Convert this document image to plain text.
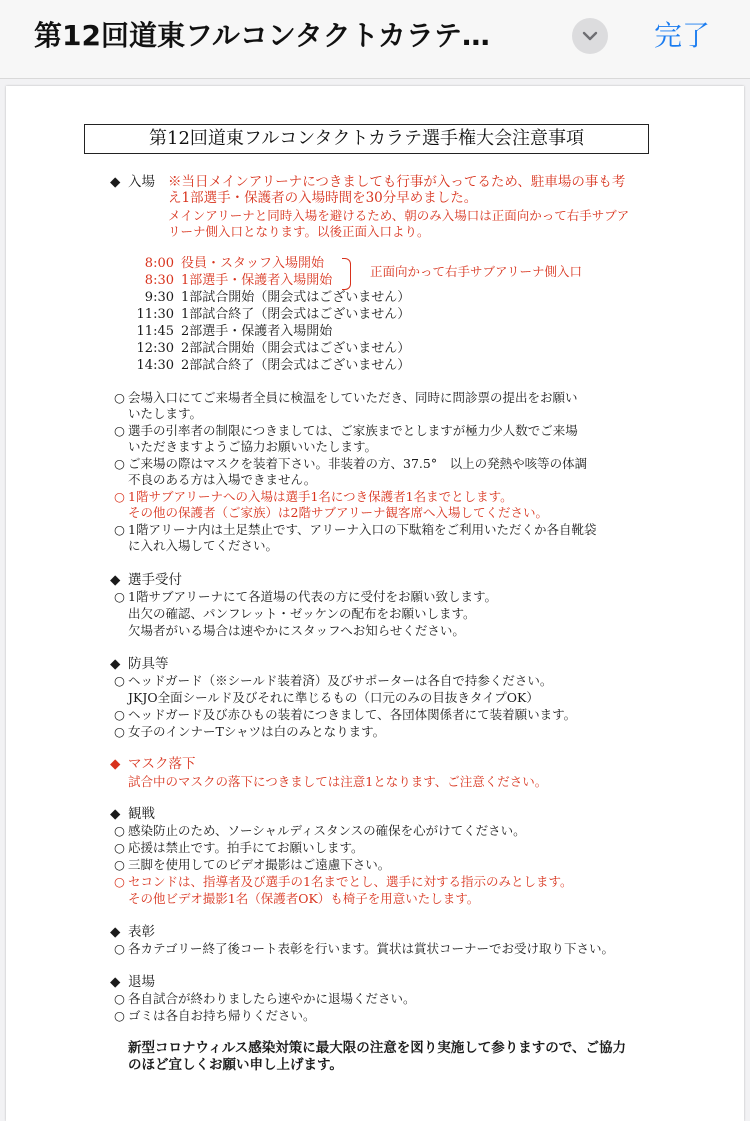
第12回道東フルコンタクトカラテ…	完了
第12回道東フルコンタクトカラテ選手権大会注意事項
◆ 入場 ※当日メインアリーナにつきましても行事が入ってるため、駐車場の事も考
え1部選手・保護者の入場時間を30分早めました。
メインアリーナと同時入場を避けるため、朝のみ入場口は正面向かって右手サブア
リーナ側入口となります。以後正面入口より。
8:00 役員・スタッフ入場開始
8:30 1部選手・保護者入場開始
正面向かって右手サブアリーナ側入口
9:30 1部試合開始（開会式はございません）
11:30 1部試合終了（閉会式はございません）
11:45 2部選手・保護者入場開始
12:30 2部試合開始（開会式はございません）
14:30 2部試合終了（閉会式はございません）
○ 会場入口にてご来場者全員に検温をしていただき、同時に問診票の提出をお願い
いたします。
○ 選手の引率者の制限につきましては、ご家族までとしますが極力少人数でご来場
いただきますようご協力お願いいたします。
○ ご来場の際はマスクを装着下さい。非装着の方、37.5°　以上の発熱や咳等の体調
不良のある方は入場できません。
○ 1階サブアリーナへの入場は選手1名につき保護者1名までとします。
その他の保護者（ご家族）は2階サブアリーナ観客席へ入場してください。
○ 1階アリーナ内は土足禁止です、アリーナ入口の下駄箱をご利用いただくか各自靴袋
に入れ入場してください。
◆ 選手受付
○ 1階サブアリーナにて各道場の代表の方に受付をお願い致します。
出欠の確認、パンフレット・ゼッケンの配布をお願いします。
欠場者がいる場合は速やかにスタッフへお知らせください。
◆ 防具等
○ ヘッドガード（※シールド装着済）及びサポーターは各自で持参ください。
JKJO全面シールド及びそれに準じるもの（口元のみの目抜きタイプOK）
○ ヘッドガード及び赤ひもの装着につきまして、各団体関係者にて装着願います。
○ 女子のインナーTシャツは白のみとなります。
◆ マスク落下
試合中のマスクの落下につきましては注意1となります、ご注意ください。
◆ 観戦
○ 感染防止のため、ソーシャルディスタンスの確保を心がけてください。
○ 応援は禁止です。拍手にてお願いします。
○ 三脚を使用してのビデオ撮影はご遠慮下さい。
○ セコンドは、指導者及び選手の1名までとし、選手に対する指示のみとします。
その他ビデオ撮影1名（保護者OK）も椅子を用意いたします。
◆ 表彰
○ 各カテゴリー終了後コート表彰を行います。賞状は賞状コーナーでお受け取り下さい。
◆ 退場
○ 各自試合が終わりましたら速やかに退場ください。
○ ゴミは各自お持ち帰りください。
新型コロナウィルス感染対策に最大限の注意を図り実施して参りますので、ご協力
のほど宜しくお願い申し上げます。
